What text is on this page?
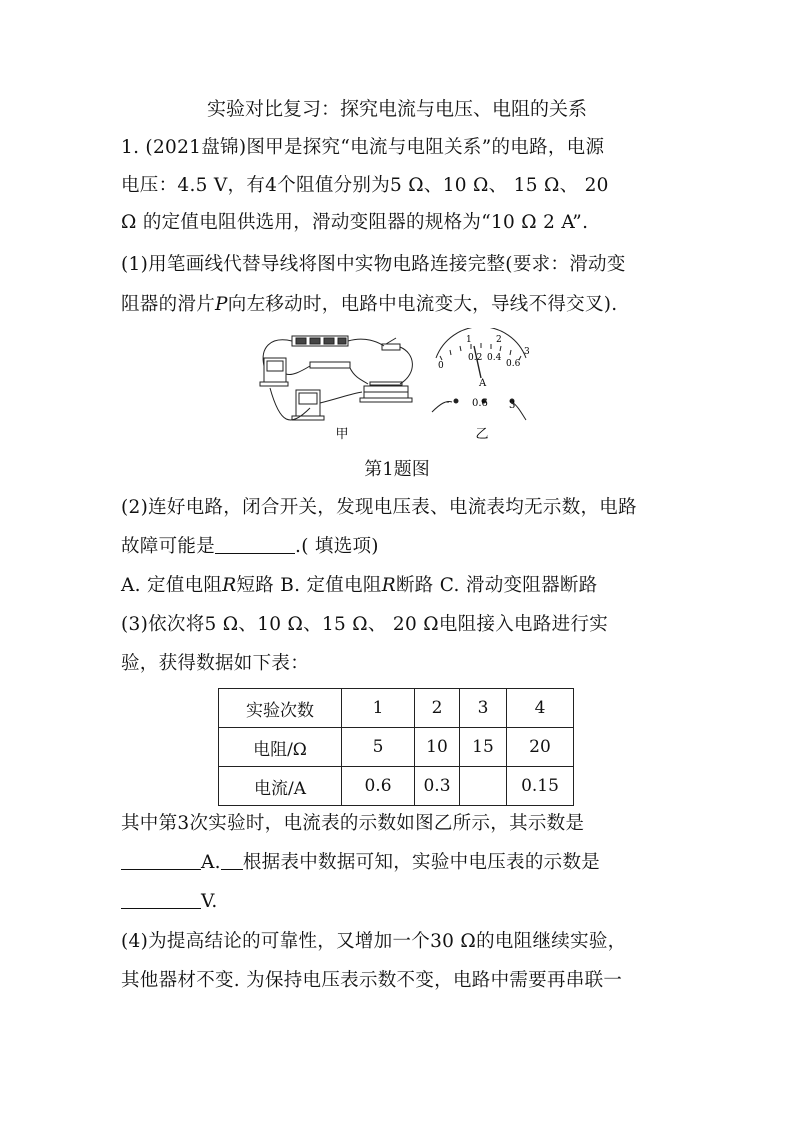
实验对比复习：探究电流与电压、电阻的关系
1. (2021盘锦)图甲是探究“电流与电阻关系”的电路，电源
电压：4.5 V，有4个阻值分别为5 Ω、10 Ω、 15 Ω、 20
Ω 的定值电阻供选用，滑动变阻器的规格为“10 Ω 2 A”.
(1)用笔画线代替导线将图中实物电路连接完整(要求：滑动变
阻器的滑片P向左移动时，电路中电流变大，导线不得交叉).
甲
0
1	2
3
0.2 0.4
0.6
A
- 0.6 3
乙
第1题图
(2)连好电路，闭合开关，发现电压表、电流表均无示数，电路
故障可能是	.( 填选项)
A. 定值电阻R短路 B. 定值电阻R断路 C. 滑动变阻器断路
(3)依次将5 Ω、10 Ω、15 Ω、 20 Ω电阻接入电路进行实
验，获得数据如下表：
实验次数	1	2	3	4
电阻/Ω	5	10	15	20
电流/A	0.6	0.3		0.15
其中第3次实验时，电流表的示数如图乙所示，其示数是
A. 根据表中数据可知，实验中电压表的示数是
V.
(4)为提高结论的可靠性，又增加一个30 Ω的电阻继续实验，
其他器材不变. 为保持电压表示数不变，电路中需要再串联一
